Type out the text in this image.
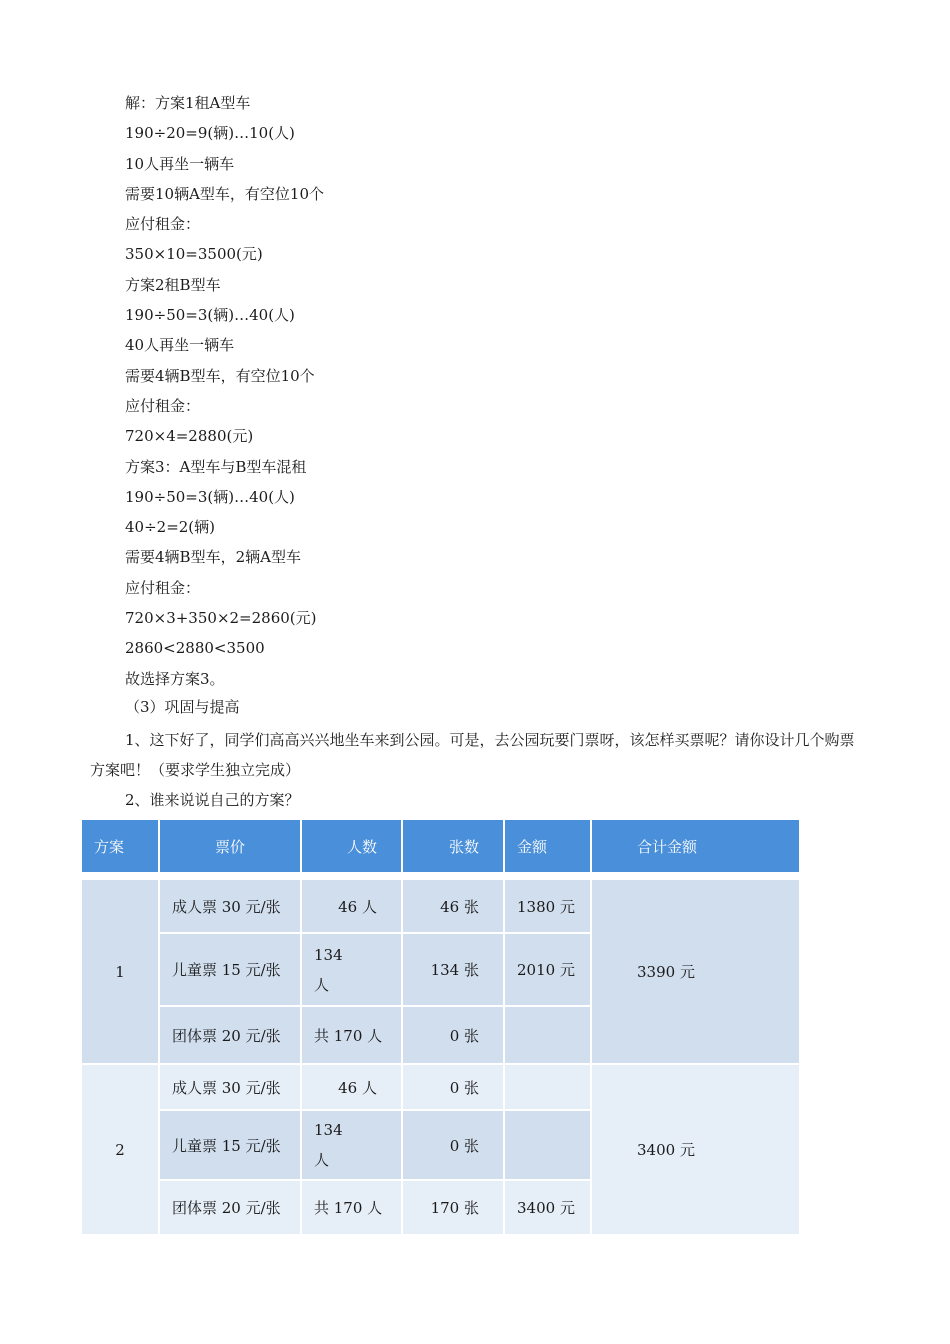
解：方案1租A型车
190÷20=9(辆)…10(人)
10人再坐一辆车
需要10辆A型车，有空位10个
应付租金：
350×10=3500(元)
方案2租B型车
190÷50=3(辆)…40(人)
40人再坐一辆车
需要4辆B型车，有空位10个
应付租金：
720×4=2880(元)
方案3：A型车与B型车混租
190÷50=3(辆)…40(人)
40÷2=2(辆)
需要4辆B型车，2辆A型车
应付租金：
720×3+350×2=2860(元)
2860<2880<3500
故选择方案3。
（3）巩固与提高
1、这下好了，同学们高高兴兴地坐车来到公园。可是，去公园玩要门票呀，该怎样买票呢？请你设计几个购票方案吧！（要求学生独立完成）
2、谁来说说自己的方案？
方案	票价	人数	张数	金额	合计金额

1	成人票 30 元/张	46 人	46 张	1380 元	3390 元
	儿童票 15 元/张	134
人	134 张	2010 元	
	团体票 20 元/张	共 170 人	0 张		
2	成人票 30 元/张	46 人	0 张		3400 元
	儿童票 15 元/张	134
人	0 张		
	团体票 20 元/张	共 170 人	170 张	3400 元	
